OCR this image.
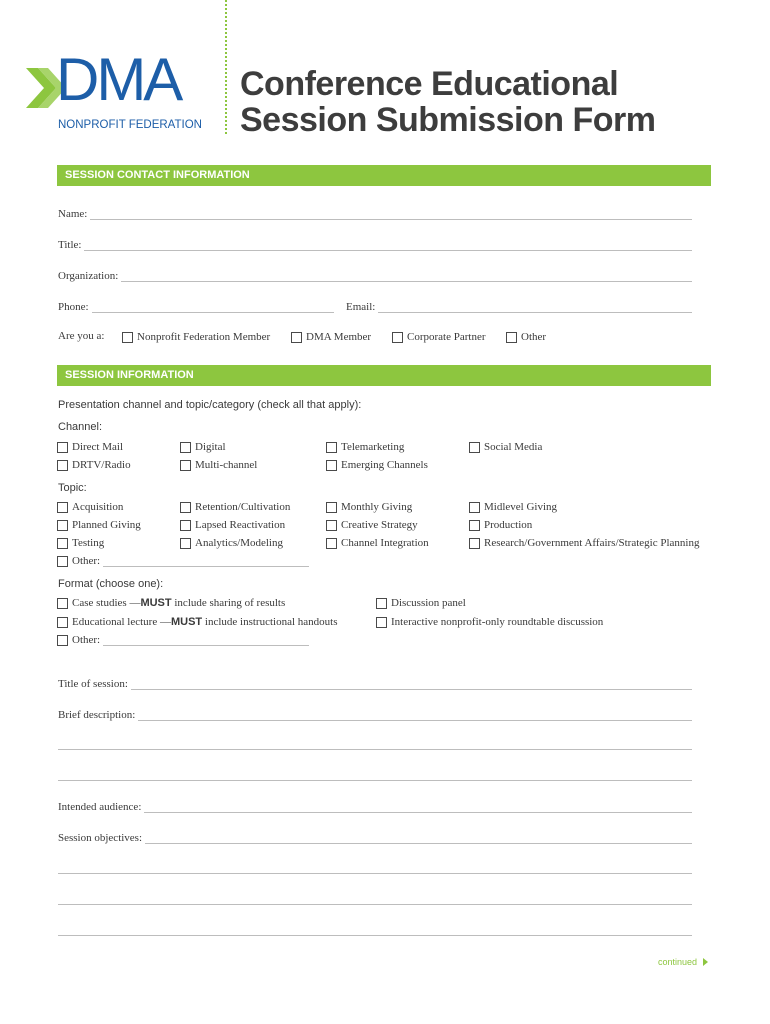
DMA
NONPROFIT FEDERATION
Conference Educational
Session Submission Form
SESSION CONTACT INFORMATION
Name:
Title:
Organization:
Phone:	Email:
Are you a:	Nonprofit Federation Member	DMA Member	Corporate Partner	Other
SESSION INFORMATION
Presentation channel and topic/category (check all that apply):
Channel:
Direct Mail	Digital	Telemarketing	Social Media
DRTV/Radio	Multi-channel	Emerging Channels
Topic:
Acquisition	Retention/Cultivation	Monthly Giving	Midlevel Giving
Planned Giving	Lapsed Reactivation	Creative Strategy	Production
Testing	Analytics/Modeling	Channel Integration	Research/Government Affairs/Strategic Planning
Other:
Format (choose one):
Case studies — MUST include sharing of results	Discussion panel
Educational lecture — MUST include instructional handouts	Interactive nonprofit-only roundtable discussion
Other:
Title of session:
Brief description:
Intended audience:
Session objectives:
continued
